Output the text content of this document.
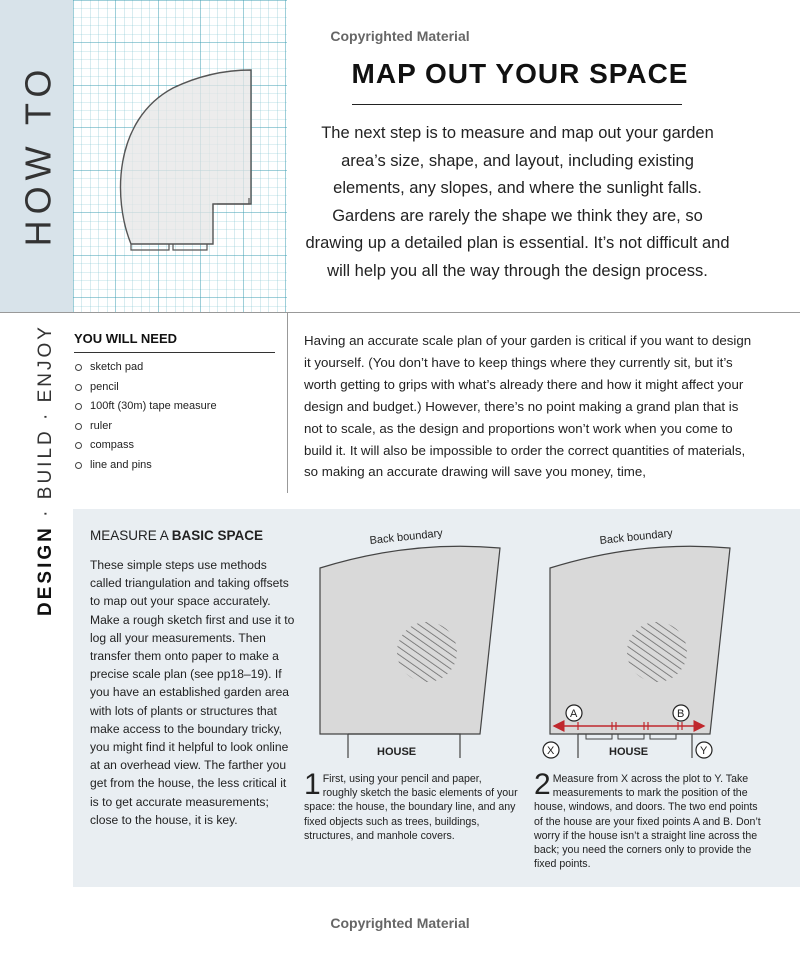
HOW TO
Copyrighted Material
MAP OUT YOUR SPACE
The next step is to measure and map out your garden area’s size, shape, and layout, including existing elements, any slopes, and where the sunlight falls. Gardens are rarely the shape we think they are, so drawing up a detailed plan is essential. It’s not difficult and will help you all the way through the design process.
DESIGN · BUILD · ENJOY YOU WILL NEED
sketch pad
pencil
100ft (30m) tape measure
ruler
compass
line and pins
Having an accurate scale plan of your garden is critical if you want to design it yourself. (You don’t have to keep things where they currently sit, but it’s worth getting to grips with what’s already there and how it might affect your design and budget.) However, there’s no point making a grand plan that is not to scale, as the design and proportions won’t work when you come to build it. It will also be impossible to order the correct quantities of materials, so making an accurate drawing will save you money, time,
MEASURE A BASIC SPACE
These simple steps use methods called triangulation and taking offsets to map out your space accurately. Make a rough sketch first and use it to log all your measurements. Then transfer them onto paper to make a precise scale plan (see pp18–19). If you have an established garden area with lots of plants or structures that make access to the boundary tricky, you might find it helpful to look online at an overhead view. The farther you get from the house, the less critical it is to get accurate measurements; close to the house, it is key.
Back boundary
HOUSE
A	B
X	Y
Back boundary
HOUSE
1 First, using your pencil and paper, roughly sketch the basic elements of your space: the house, the boundary line, and any fixed objects such as trees, buildings, structures, and manhole covers.
2 Measure from X across the plot to Y. Take measurements to mark the position of the house, windows, and doors. The two end points of the house are your fixed points A and B. Don’t worry if the house isn’t a straight line across the back; you need the corners only to provide the fixed points.
Copyrighted Material
